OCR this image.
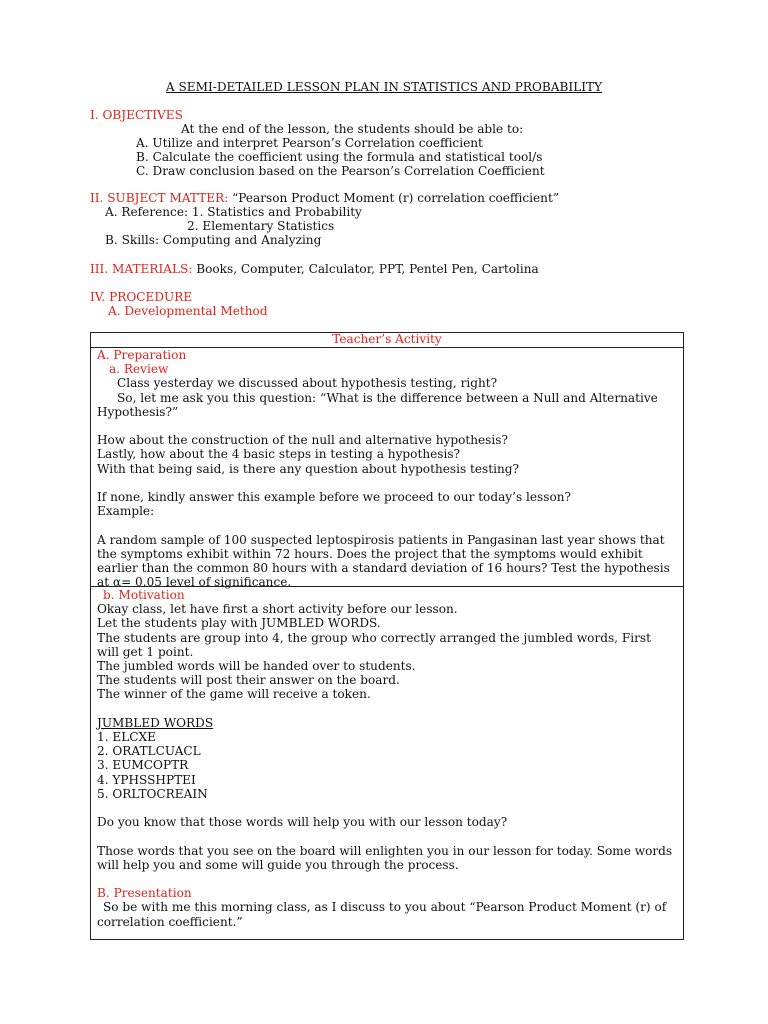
A SEMI-DETAILED LESSON PLAN IN STATISTICS AND PROBABILITY
I. OBJECTIVES
At the end of the lesson, the students should be able to:
A. Utilize and interpret Pearson’s Correlation coefficient
B. Calculate the coefficient using the formula and statistical tool/s
C. Draw conclusion based on the Pearson’s Correlation Coefficient
II. SUBJECT MATTER: “Pearson Product Moment (r) correlation coefficient”
A. Reference: 1. Statistics and Probability
2. Elementary Statistics
B. Skills: Computing and Analyzing
III. MATERIALS: Books, Computer, Calculator, PPT, Pentel Pen, Cartolina
IV. PROCEDURE
A. Developmental Method
Teacher’s Activity

A. Preparation

a. Review

Class yesterday we discussed about hypothesis testing, right?

So, let me ask you this question: “What is the difference between a Null and Alternative Hypothesis?”

How about the construction of the null and alternative hypothesis?

Lastly, how about the 4 basic steps in testing a hypothesis?

With that being said, is there any question about hypothesis testing?

If none, kindly answer this example before we proceed to our today’s lesson?

Example:

A random sample of 100 suspected leptospirosis patients in Pangasinan last year shows that the symptoms exhibit within 72 hours. Does the project that the symptoms would exhibit earlier than the common 80 hours with a standard deviation of 16 hours? Test the hypothesis at α= 0.05 level of significance.

b. Motivation

Okay class, let have first a short activity before our lesson.

Let the students play with JUMBLED WORDS.

The students are group into 4, the group who correctly arranged the jumbled words, First will get 1 point.

The jumbled words will be handed over to students.

The students will post their answer on the board.

The winner of the game will receive a token.

JUMBLED WORDS

1. ELCXE

2. ORATLCUACL

3. EUMCOPTR

4. YPHSSHPTEI

5. ORLTOCREAIN

Do you know that those words will help you with our lesson today?

Those words that you see on the board will enlighten you in our lesson for today. Some words will help you and some will guide you through the process.

B. Presentation

So be with me this morning class, as I discuss to you about “Pearson Product Moment (r) of correlation coefficient.”
